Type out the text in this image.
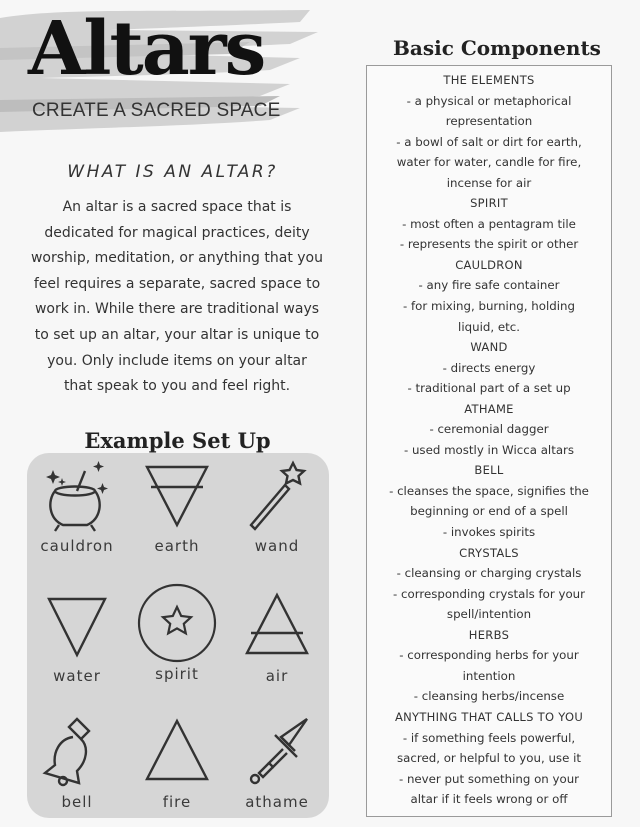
Altars
CREATE A SACRED SPACE
WHAT IS AN ALTAR?
An altar is a sacred space that is
dedicated for magical practices, deity
worship, meditation, or anything that you
feel requires a separate, sacred space to
work in. While there are traditional ways
to set up an altar, your altar is unique to
you. Only include items on your altar
that speak to you and feel right.
Example Set Up
cauldron	earth	wand
water	spirit	air
bell	fire	athame
Basic Components
THE ELEMENTS
- a physical or metaphorical
representation
- a bowl of salt or dirt for earth,
water for water, candle for fire,
incense for air
SPIRIT
- most often a pentagram tile
- represents the spirit or other
CAULDRON
- any fire safe container
- for mixing, burning, holding
liquid, etc.
WAND
- directs energy
- traditional part of a set up
ATHAME
- ceremonial dagger
- used mostly in Wicca altars
BELL
- cleanses the space, signifies the
beginning or end of a spell
- invokes spirits
CRYSTALS
- cleansing or charging crystals
- corresponding crystals for your
spell/intention
HERBS
- corresponding herbs for your
intention
- cleansing herbs/incense
ANYTHING THAT CALLS TO YOU
- if something feels powerful,
sacred, or helpful to you, use it
- never put something on your
altar if it feels wrong or off
